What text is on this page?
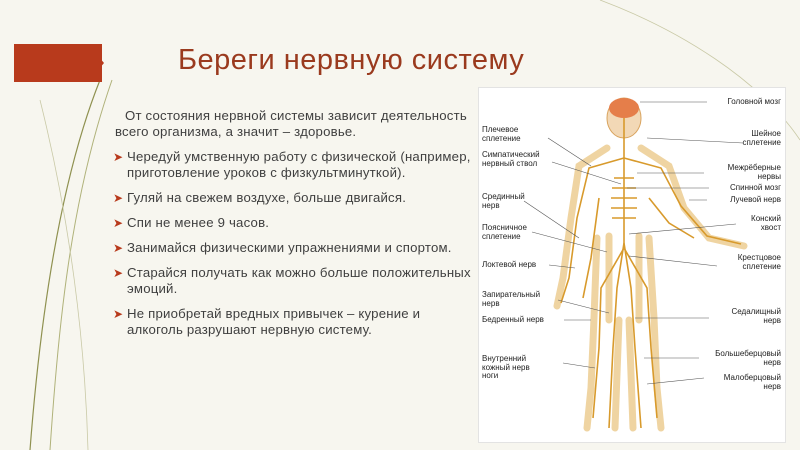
Береги нервную систему

От состояния нервной системы зависит деятельность всего организма, а значит – здоровье.

➤ Чередуй умственную работу с физической (например, приготовление уроков с физкультминуткой).
➤ Гуляй на свежем воздухе, больше двигайся.
➤ Спи не менее 9 часов.
➤ Занимайся физическими упражнениями и спортом.
➤ Старайся получать как можно больше положительных эмоций.
➤ Не приобретай вредных привычек – курение и алкоголь разрушают нервную систему.
Плечевое
сплетение
Симпатический
нервный ствол
Срединный
нерв
Поясничное
сплетение
Локтевой нерв
Запирательный
нерв
Бедренный нерв
Внутренний
кожный нерв
ноги
Головной мозг
Шейное
сплетение
Межрёберные
нервы
Спинной мозг
Лучевой нерв
Конский
хвост
Крестцовое
сплетение
Седалищный
нерв
Большеберцовый
нерв
Малоберцовый
нерв
